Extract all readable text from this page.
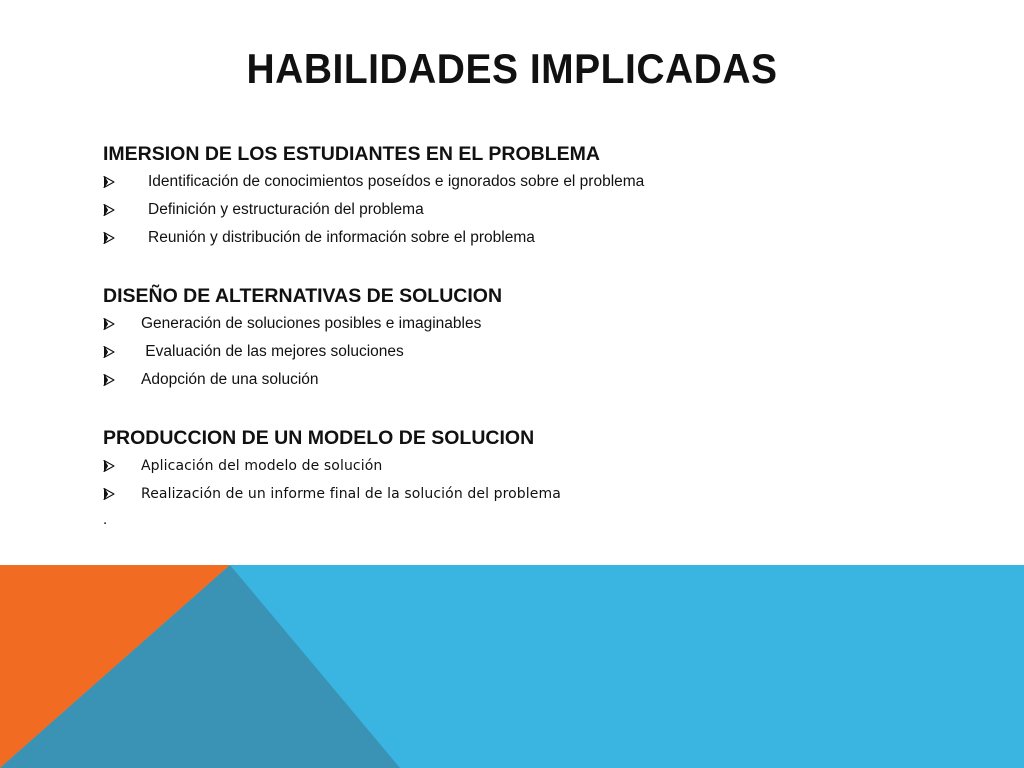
HABILIDADES IMPLICADAS
IMERSION DE LOS ESTUDIANTES EN EL PROBLEMA
Identificación de conocimientos poseídos e ignorados sobre el problema
Definición y estructuración del problema
Reunión y distribución de información sobre el problema
DISEÑO DE ALTERNATIVAS DE SOLUCION
Generación de soluciones posibles e imaginables
Evaluación de las mejores soluciones
Adopción de una solución
PRODUCCION DE UN MODELO DE SOLUCION
Aplicación del modelo de solución
Realización de un informe final de la solución del problema
.
